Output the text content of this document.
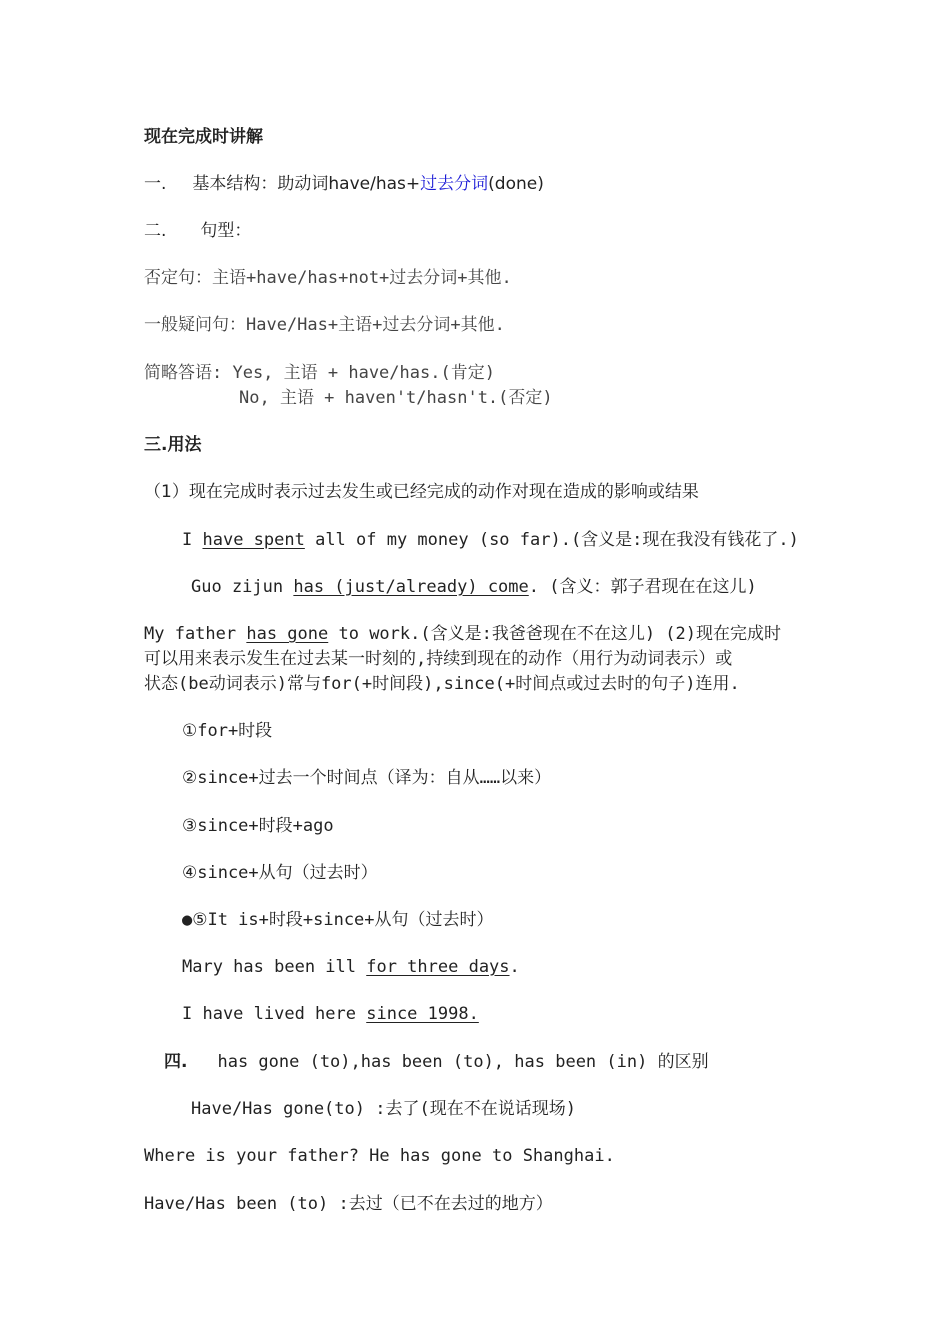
现在完成时讲解
一. 基本结构：助动词have/has+过去分词(done)
二. 句型：
否定句：主语+have/has+not+过去分词+其他.
一般疑问句：Have/Has+主语+过去分词+其他.
简略答语: Yes, 主语 + have/has.(肯定)
No, 主语 + haven't/hasn't.(否定)
三.用法
（1）现在完成时表示过去发生或已经完成的动作对现在造成的影响或结果
I have spent all of my money (so far).(含义是:现在我没有钱花了.)
Guo zijun has (just/already) come. (含义：郭子君现在在这儿)
My father has gone to work.(含义是:我爸爸现在不在这儿) (2)现在完成时
可以用来表示发生在过去某一时刻的,持续到现在的动作（用行为动词表示）或
状态(be动词表示)常与for(+时间段),since(+时间点或过去时的句子)连用.
①for+时段
②since+过去一个时间点（译为：自从……以来）
③since+时段+ago
④since+从句（过去时）
●⑤It is+时段+since+从句（过去时）
Mary has been ill for three days.
I have lived here since 1998.
四. has gone (to),has been (to), has been (in) 的区别
Have/Has gone(to) :去了(现在不在说话现场)
Where is your father? He has gone to Shanghai.
Have/Has been (to) :去过（已不在去过的地方）
